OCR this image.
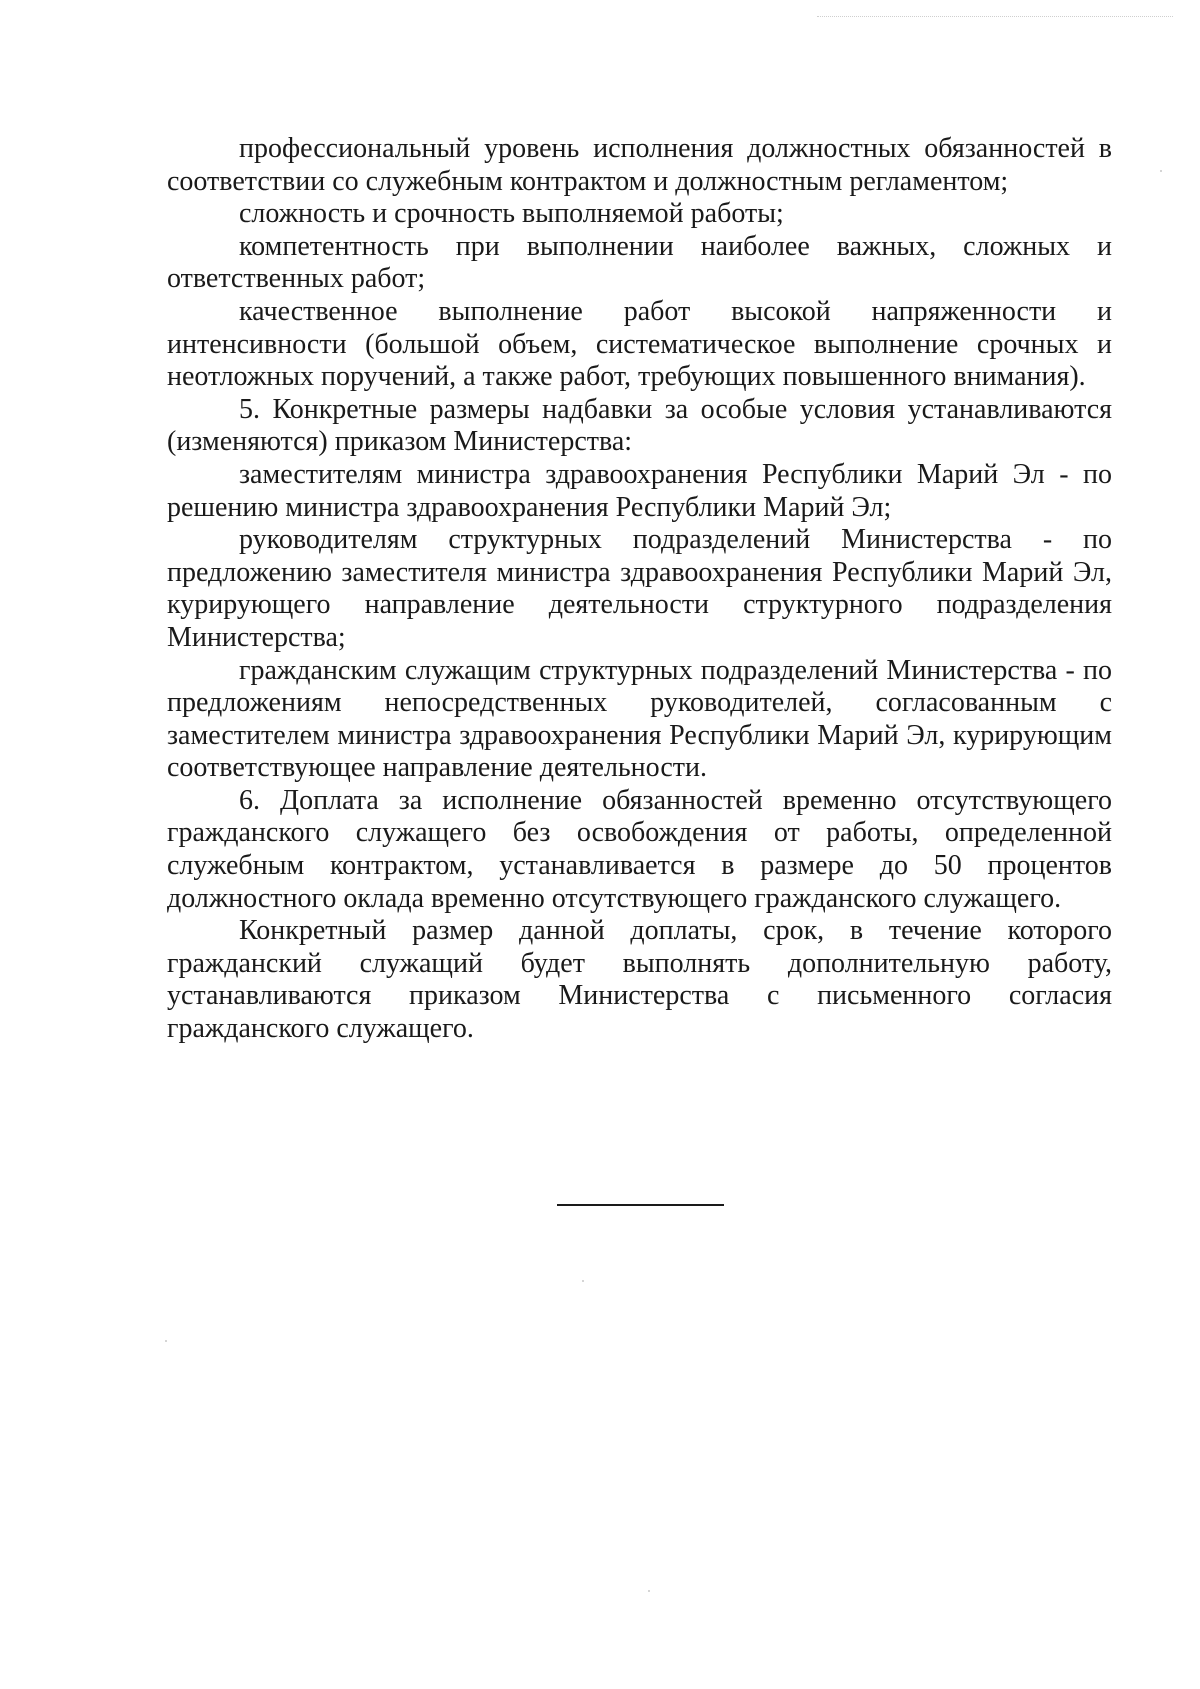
профессиональный уровень исполнения должностных обязанностей в соответствии со служебным контрактом и должностным регламентом;

сложность и срочность выполняемой работы;

компетентность при выполнении наиболее важных, сложных и ответственных работ;

качественное выполнение работ высокой напряженности и интенсивности (большой объем, систематическое выполнение срочных и неотложных поручений, а также работ, требующих повышенного внимания).

5. Конкретные размеры надбавки за особые условия устанавливаются (изменяются) приказом Министерства:

заместителям министра здравоохранения Республики Марий Эл - по решению министра здравоохранения Республики Марий Эл;

руководителям структурных подразделений Министерства - по предложению заместителя министра здравоохранения Республики Марий Эл, курирующего направление деятельности структурного подразделения Министерства;

гражданским служащим структурных подразделений Министерства - по предложениям непосредственных руководителей, согласованным с заместителем министра здравоохранения Республики Марий Эл, курирующим соответствующее направление деятельности.

6. Доплата за исполнение обязанностей временно отсутствующего гражданского служащего без освобождения от работы, определенной служебным контрактом, устанавливается в размере до 50 процентов должностного оклада временно отсутствующего гражданского служащего.

Конкретный размер данной доплаты, срок, в течение которого гражданский служащий будет выполнять дополнительную работу, устанавливаются приказом Министерства с письменного согласия гражданского служащего.
